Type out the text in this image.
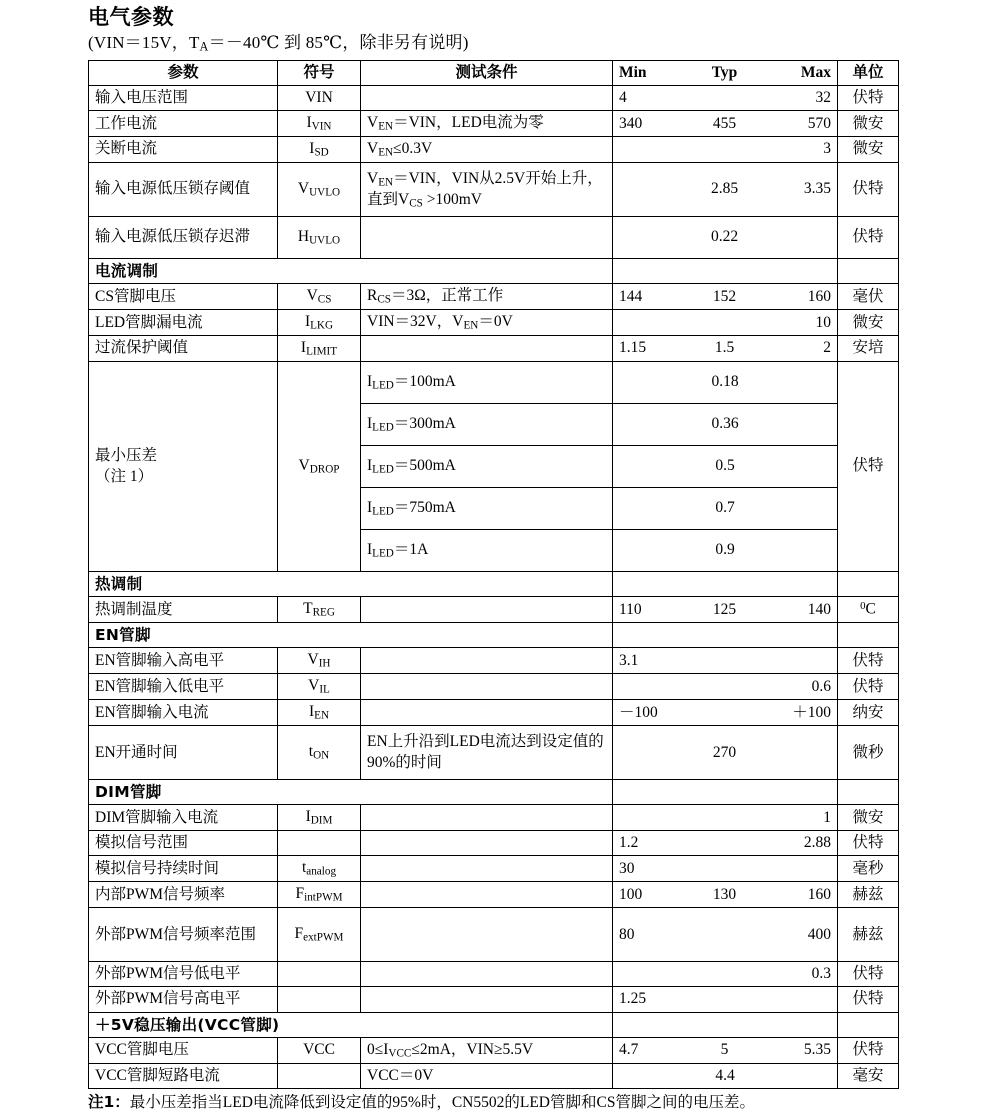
电气参数
(VIN＝15V，$T_A=-40℃$ 到 85℃，除非另有说明)
参数	符号	测试条件	Min	Typ	Max	单位
输入电压范围	VIN		4		32	伏特
工作电流	$I_{VIN}$	$V_{EN}=VIN$，LED电流为零	340	455	570	微安
关断电流	$I_{SD}$	$V_{EN}\le 0.3V$			3	微安
输入电源低压锁存阈值	$V_{UVLO}$	$V_{EN}=VIN$，VIN从2.5V开始上升，直到$V_{CS} >100mV$		2.85	3.35	伏特
输入电源低压锁存迟滞	$H_{UVLO}$			0.22		伏特
电流调制						
CS管脚电压	$V_{CS}$	$R_{CS}=3\Omega$，正常工作	144	152	160	毫伏
LED管脚漏电流	$I_{LKG}$	VIN＝32V，$V_{EN}=0V$			10	微安
过流保护阈值	$I_{LIMIT}$		1.15	1.5	2	安培

最小压差
（注 1）	$V_{DROP}$	$I_{LED}=100mA$	0.18			伏特
		$I_{LED}=300mA$	0.36			
		$I_{LED}=500mA$	0.5			
		$I_{LED}=750mA$	0.7			
		$I_{LED}=1A$	0.9			
热调制						
热调制温度	$T_{REG}$		110	125	140	$^0$C
EN管脚						
EN管脚输入高电平	$V_{IH}$		3.1			伏特
EN管脚输入低电平	$V_{IL}$				0.6	伏特
EN管脚输入电流	$I_{EN}$		－100		＋100	纳安
EN开通时间	$t_{ON}$	EN上升沿到LED电流达到设定值的90%的时间		270		微秒
DIM管脚						
DIM管脚输入电流	$I_{DIM}$				1	微安
模拟信号范围			1.2		2.88	伏特
模拟信号持续时间	$t_{analog}$		30			毫秒
内部PWM信号频率	$F_{intPWM}$		100	130	160	赫兹
外部PWM信号频率范围	$F_{extPWM}$		80		400	赫兹
外部PWM信号低电平					0.3	伏特
外部PWM信号高电平			1.25			伏特
＋5V稳压输出(VCC管脚)						
VCC管脚电压	VCC	$0\le I_{VCC}\le 2mA$，VIN≥5.5V	4.7	5	5.35	伏特
VCC管脚短路电流		VCC＝0V	4.4			毫安
注1：最小压差指当LED电流降低到设定值的95%时，CN5502的LED管脚和CS管脚之间的电压差。
